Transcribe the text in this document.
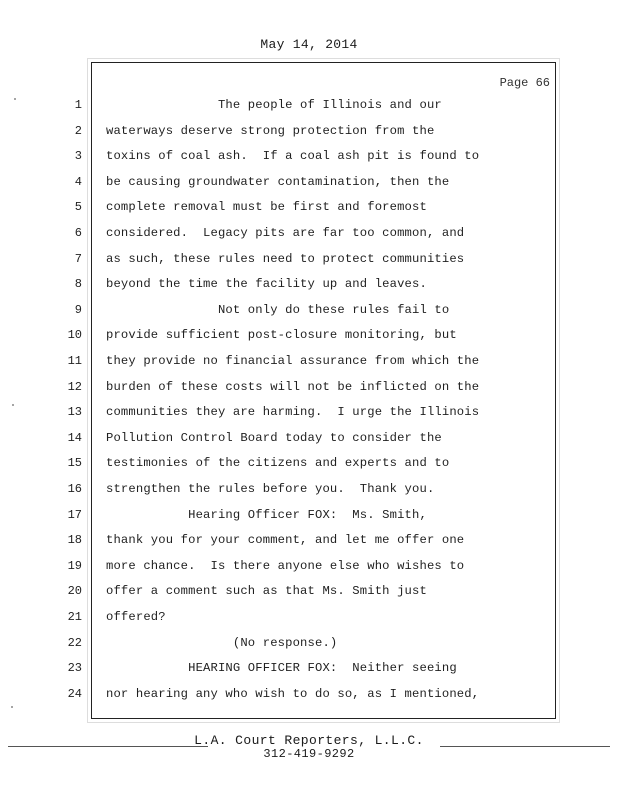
May 14, 2014
Page 66
1 The people of Illinois and our
2 waterways deserve strong protection from the
3 toxins of coal ash.  If a coal ash pit is found to
4 be causing groundwater contamination, then the
5 complete removal must be first and foremost
6 considered.  Legacy pits are far too common, and
7 as such, these rules need to protect communities
8 beyond the time the facility up and leaves.
9 Not only do these rules fail to
10 provide sufficient post-closure monitoring, but
11 they provide no financial assurance from which the
12 burden of these costs will not be inflicted on the
13 communities they are harming.  I urge the Illinois
14 Pollution Control Board today to consider the
15 testimonies of the citizens and experts and to
16 strengthen the rules before you.  Thank you.
17 Hearing Officer FOX:  Ms. Smith,
18 thank you for your comment, and let me offer one
19 more chance.  Is there anyone else who wishes to
20 offer a comment such as that Ms. Smith just
21 offered?
22 (No response.)
23 HEARING OFFICER FOX:  Neither seeing
24 nor hearing any who wish to do so, as I mentioned,
L.A. Court Reporters, L.L.C.
312-419-9292
